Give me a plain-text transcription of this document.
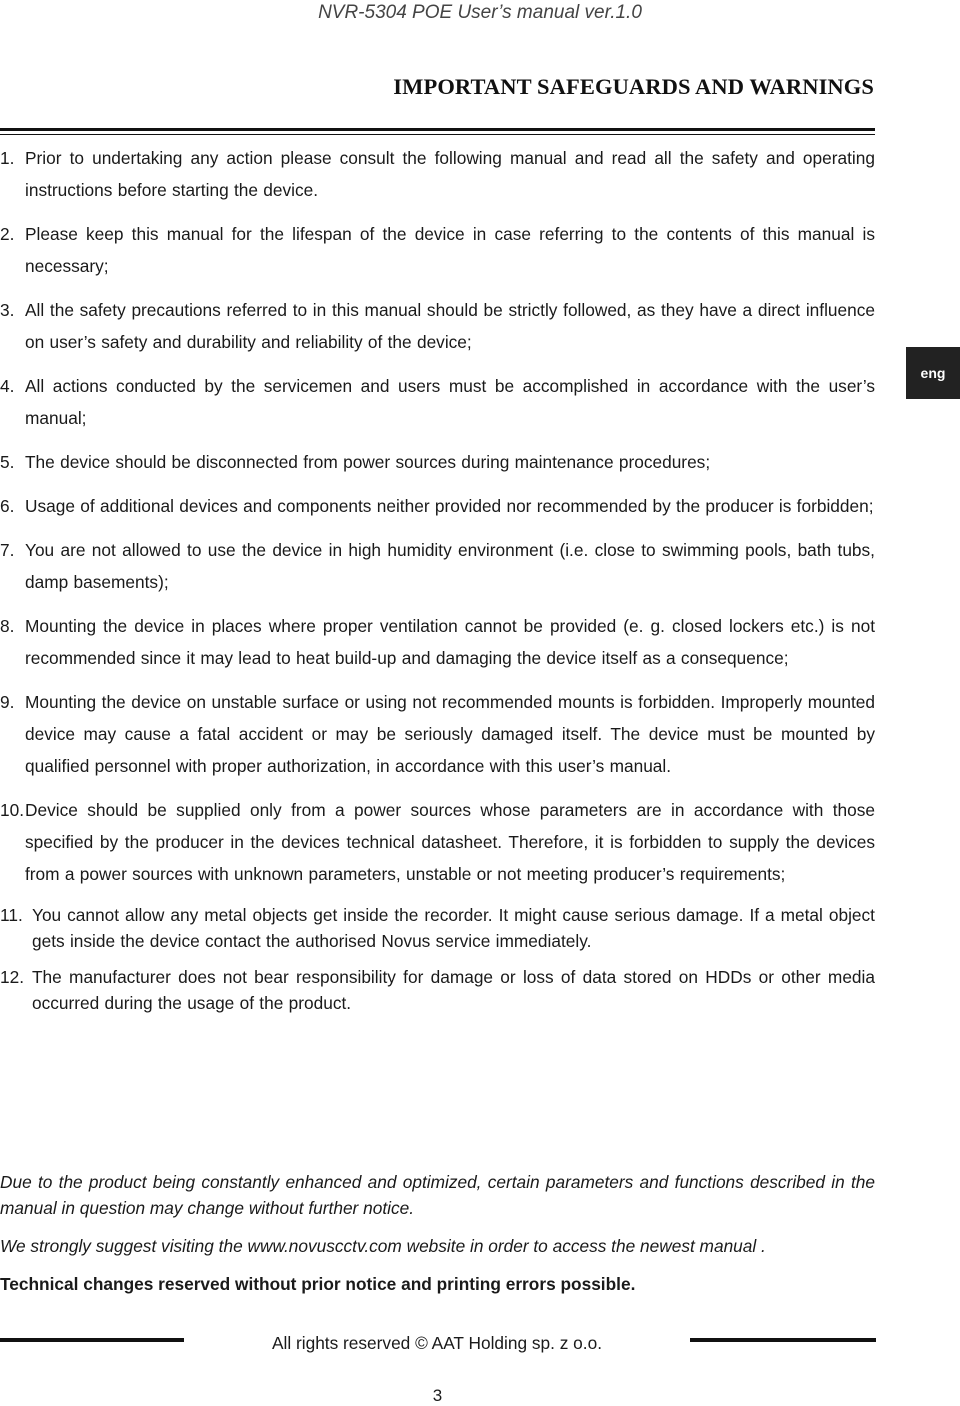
NVR-5304 POE User’s manual ver.1.0
IMPORTANT SAFEGUARDS AND WARNINGS
eng
1. Prior to undertaking any action please consult the following manual and read all the safety and operating instructions before starting the device.
2. Please keep this manual for the lifespan of the device in case referring to the contents of this manual is necessary;
3. All the safety precautions referred to in this manual should be strictly followed, as they have a direct influence on user’s safety and durability and reliability of the device;
4. All actions conducted by the servicemen and users must be accomplished in accordance with the user’s manual;
5. The device should be disconnected from power sources during maintenance procedures;
6. Usage of additional devices and components neither provided nor recommended by the producer is forbidden;
7. You are not allowed to use the device in high humidity environment (i.e. close to swimming pools, bath tubs, damp basements);
8. Mounting the device in places where proper ventilation cannot be provided (e. g. closed lockers etc.) is not recommended since it may lead to heat build-up and damaging the device itself as a consequence;
9. Mounting the device on unstable surface or using not recommended mounts is forbidden. Improperly mounted device may cause a fatal accident or may be seriously damaged itself. The device must be mounted by qualified personnel with proper authorization, in accordance with this user’s manual.
10.Device should be supplied only from a power sources whose parameters are in accordance with those specified by the producer in the devices technical datasheet. Therefore, it is forbidden to supply the devices from a power sources with unknown parameters, unstable or not meeting producer’s requirements;
11. You cannot allow any metal objects get inside the recorder. It might cause serious damage. If a metal object gets inside the device contact the authorised Novus service immediately.
12. The manufacturer does not bear responsibility for damage or loss of data stored on HDDs or other media occurred during the usage of the product.

Due to the product being constantly enhanced and optimized, certain parameters and functions described in the manual in question may change without further notice.

We strongly suggest visiting the www.novuscctv.com website in order to access the newest manual .

Technical changes reserved without prior notice and printing errors possible.

All rights reserved © AAT Holding sp. z o.o.
3
